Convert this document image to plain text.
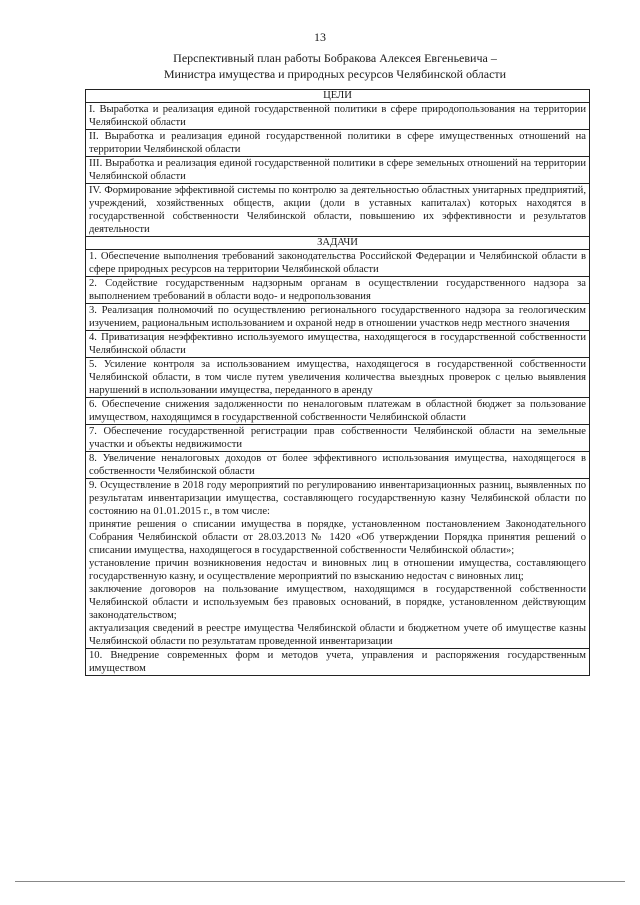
13
Перспективный план работы Бобракова Алексея Евгеньевича –
Министра имущества и природных ресурсов Челябинской области
ЦЕЛИ

I. Выработка и реализация единой государственной политики в сфере природопользования на территории Челябинской области

II. Выработка и реализация единой государственной политики в сфере имущественных отношений на территории Челябинской области

III. Выработка и реализация единой государственной политики в сфере земельных отношений на территории Челябинской области

IV. Формирование эффективной системы по контролю за деятельностью областных унитарных предприятий, учреждений, хозяйственных обществ, акции (доли в уставных капиталах) которых находятся в государственной собственности Челябинской области, повышению их эффективности и результатов деятельности

ЗАДАЧИ

1. Обеспечение выполнения требований законодательства Российской Федерации и Челябинской области в сфере природных ресурсов на территории Челябинской области

2. Содействие государственным надзорным органам в осуществлении государственного надзора за выполнением требований в области водо- и недропользования

3. Реализация полномочий по осуществлению регионального государственного надзора за геологическим изучением, рациональным использованием и охраной недр в отношении участков недр местного значения

4. Приватизация неэффективно используемого имущества, находящегося в государственной собственности Челябинской области

5. Усиление контроля за использованием имущества, находящегося в государственной собственности Челябинской области, в том числе путем увеличения количества выездных проверок с целью выявления нарушений в использовании имущества, переданного в аренду

6. Обеспечение снижения задолженности по неналоговым платежам в областной бюджет за пользование имуществом, находящимся в государственной собственности Челябинской области

7. Обеспечение государственной регистрации прав собственности Челябинской области на земельные участки и объекты недвижимости

8. Увеличение неналоговых доходов от более эффективного использования имущества, находящегося в собственности Челябинской области

9. Осуществление в 2018 году мероприятий по регулированию инвентаризационных разниц, выявленных по результатам инвентаризации имущества, составляющего государственную казну Челябинской области по состоянию на 01.01.2015 г., в том числе:
принятие решения о списании имущества в порядке, установленном постановлением Законодательного Собрания Челябинской области от 28.03.2013 № 1420 «Об утверждении Порядка принятия решений о списании имущества, находящегося в государственной собственности Челябинской области»;
установление причин возникновения недостач и виновных лиц в отношении имущества, составляющего государственную казну, и осуществление мероприятий по взысканию недостач с виновных лиц;
заключение договоров на пользование имуществом, находящимся в государственной собственности Челябинской области и используемым без правовых оснований, в порядке, установленном действующим законодательством;
актуализация сведений в реестре имущества Челябинской области и бюджетном учете об имуществе казны Челябинской области по результатам проведенной инвентаризации

10. Внедрение современных форм и методов учета, управления и распоряжения государственным имуществом
